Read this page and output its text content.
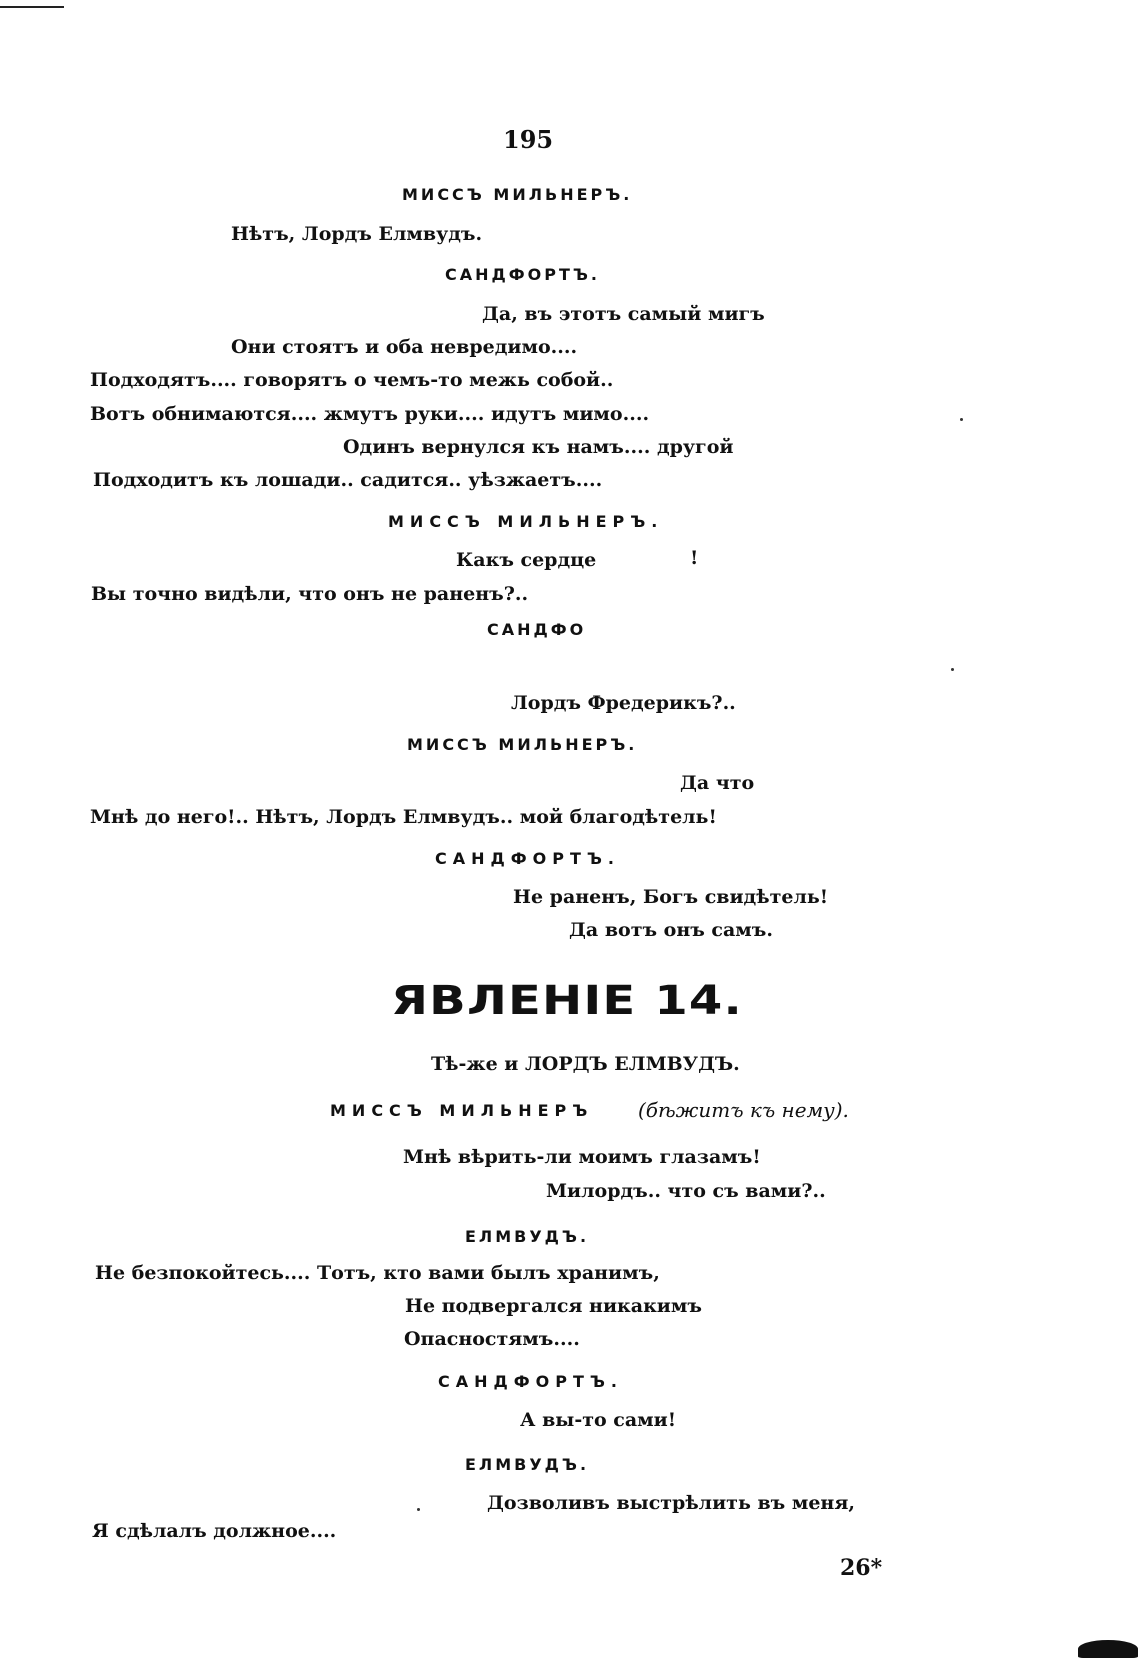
195
МИССЪ МИЛЬНЕРЪ.
Нѣтъ, Лордъ Елмвудъ.
САНДФОРТЪ.
Да, въ этотъ самый мигъ
Они стоятъ и оба невредимо....
Подходятъ.... говорятъ о чемъ-то межь собой..
Вотъ обнимаются.... жмутъ руки.... идутъ мимо....
Одинъ вернулся къ намъ.... другой
Подходитъ къ лошади.. садится.. уѣзжаетъ....
МИССЪ МИЛЬНЕРЪ.
Какъ сердце	!
Вы точно видѣли, что онъ не раненъ?..
САНДФО
Лордъ Фредерикъ?..
МИССЪ МИЛЬНЕРЪ.
Да что
Мнѣ до него!.. Нѣтъ, Лордъ Елмвудъ.. мой благодѣтель!
САНДФОРТЪ.
Не раненъ, Богъ свидѣтель!
Да вотъ онъ самъ.
ЯВЛЕНІЕ 14.
Тѣ-же и ЛОРДЪ ЕЛМВУДЪ.
МИССЪ МИЛЬНЕРЪ (бѣжитъ къ нему).
Мнѣ вѣрить-ли моимъ глазамъ!
Милордъ.. что съ вами?..
ЕЛМВУДЪ.
Не безпокойтесь.... Тотъ, кто вами былъ хранимъ,
Не подвергался никакимъ
Опасностямъ....
САНДФОРТЪ.
А вы-то сами!
ЕЛМВУДЪ.
Дозволивъ выстрѣлить въ меня,
Я сдѣлалъ должное....
26*
